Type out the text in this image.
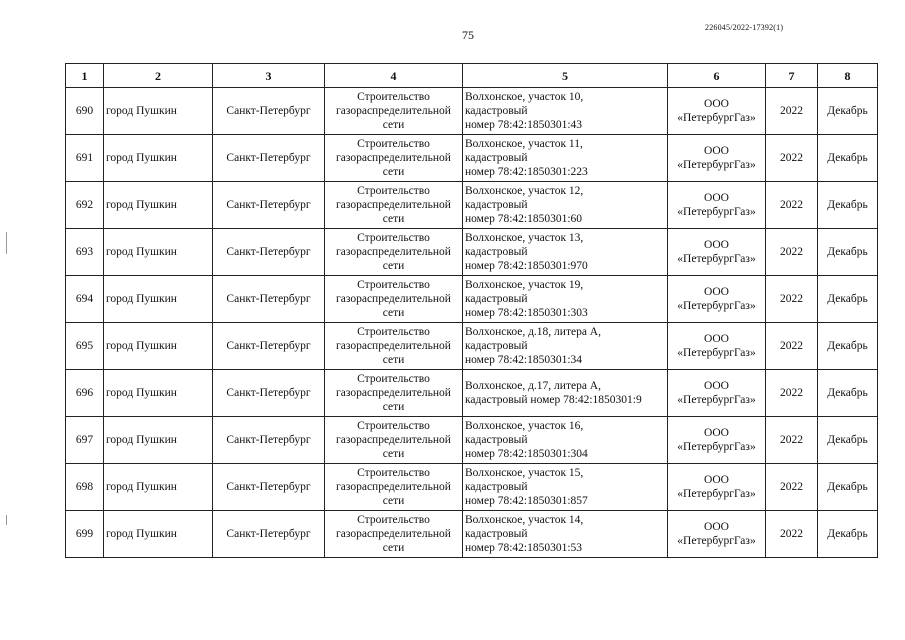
75
226045/2022-17392(1)
1	2	3	4	5	6	7	8
690	город Пушкин	Санкт-Петербург	Строительство
газораспределительной
сети	Волхонское, участок 10,
кадастровый
номер 78:42:1850301:43	ООО
«ПетербургГаз»	2022	Декабрь
691	город Пушкин	Санкт-Петербург	Строительство
газораспределительной
сети	Волхонское, участок 11,
кадастровый
номер 78:42:1850301:223	ООО
«ПетербургГаз»	2022	Декабрь
692	город Пушкин	Санкт-Петербург	Строительство
газораспределительной
сети	Волхонское, участок 12,
кадастровый
номер 78:42:1850301:60	ООО
«ПетербургГаз»	2022	Декабрь
693	город Пушкин	Санкт-Петербург	Строительство
газораспределительной
сети	Волхонское, участок 13,
кадастровый
номер 78:42:1850301:970	ООО
«ПетербургГаз»	2022	Декабрь
694	город Пушкин	Санкт-Петербург	Строительство
газораспределительной
сети	Волхонское, участок 19,
кадастровый
номер 78:42:1850301:303	ООО
«ПетербургГаз»	2022	Декабрь
695	город Пушкин	Санкт-Петербург	Строительство
газораспределительной
сети	Волхонское, д.18, литера А,
кадастровый
номер 78:42:1850301:34	ООО
«ПетербургГаз»	2022	Декабрь
696	город Пушкин	Санкт-Петербург	Строительство
газораспределительной
сети	Волхонское, д.17, литера А,
кадастровый номер 78:42:1850301:9	ООО
«ПетербургГаз»	2022	Декабрь
697	город Пушкин	Санкт-Петербург	Строительство
газораспределительной
сети	Волхонское, участок 16,
кадастровый
номер 78:42:1850301:304	ООО
«ПетербургГаз»	2022	Декабрь
698	город Пушкин	Санкт-Петербург	Строительство
газораспределительной
сети	Волхонское, участок 15,
кадастровый
номер 78:42:1850301:857	ООО
«ПетербургГаз»	2022	Декабрь
699	город Пушкин	Санкт-Петербург	Строительство
газораспределительной
сети	Волхонское, участок 14,
кадастровый
номер 78:42:1850301:53	ООО
«ПетербургГаз»	2022	Декабрь
